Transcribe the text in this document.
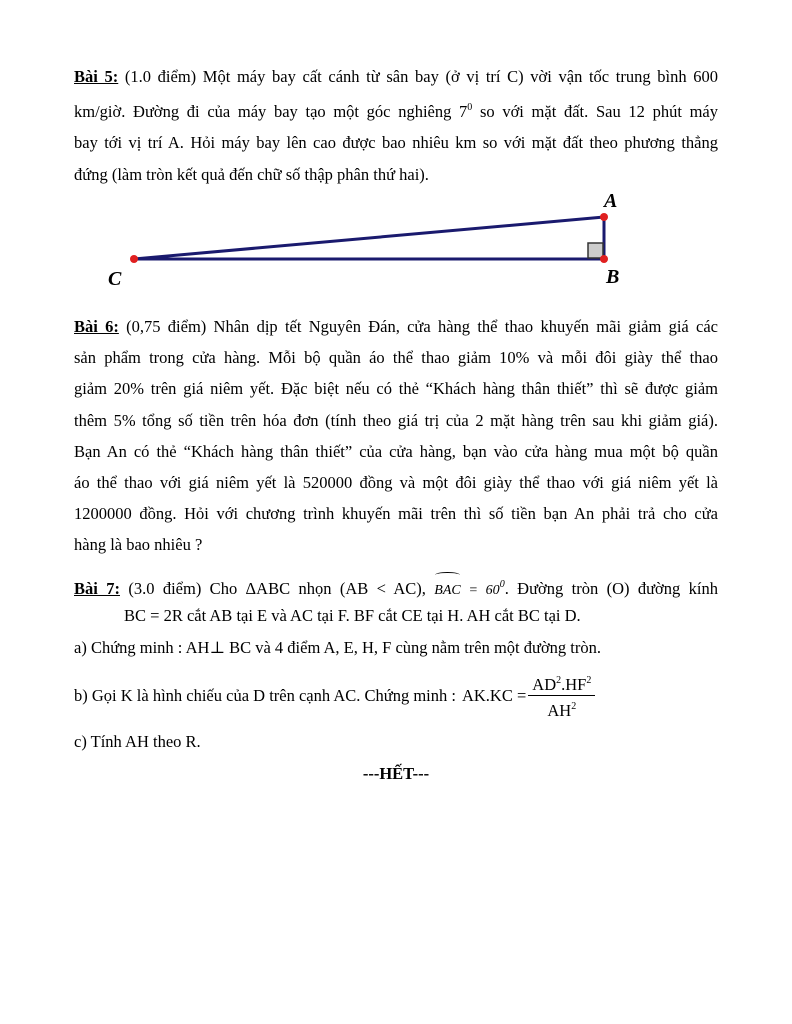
Bài 5: (1.0 điểm) Một máy bay cất cánh từ sân bay (ở vị trí C) vời vận tốc trung bình 600
km/giờ. Đường đi của máy bay tạo một góc nghiêng $7^0$ so với mặt đất. Sau 12 phút máy
bay tới vị trí A. Hỏi máy bay lên cao được bao nhiêu km so với mặt đất theo phương thẳng
đứng (làm tròn kết quả đến chữ số thập phân thứ hai).
A
B
C
Bài 6: (0,75 điểm) Nhân dịp tết Nguyên Đán, cửa hàng thể thao khuyến mãi giảm giá các
sản phẩm trong cửa hàng. Mỗi bộ quần áo thể thao giảm 10% và mỗi đôi giày thể thao
giảm 20% trên giá niêm yết. Đặc biệt nếu có thẻ “Khách hàng thân thiết” thì sẽ được giảm
thêm 5% tổng số tiền trên hóa đơn (tính theo giá trị của 2 mặt hàng trên sau khi giảm giá).
Bạn An có thẻ “Khách hàng thân thiết” của cửa hàng, bạn vào cửa hàng mua một bộ quần
áo thể thao với giá niêm yết là 520000 đồng và một đôi giày thể thao với giá niêm yết là
1200000 đồng. Hỏi với chương trình khuyến mãi trên thì số tiền bạn An phải trả cho cửa
hàng là bao nhiêu ?
Bài 7: (3.0 điểm) Cho ΔABC nhọn (AB < AC),
BAC = $60^0$. Đường tròn (O) đường kính
BC = 2R cắt AB tại E và AC tại F. BF cắt CE tại H. AH cắt BC tại D.
a) Chứng minh : AH⊥ BC và 4 điểm A, E, H, F cùng nằm trên một đường tròn.
b) Gọi K là hình chiếu của D trên cạnh AC. Chứng minh : $AK.KC = \frac{AD^2.HF^2}{AH^2}$
c) Tính AH theo R.
---HẾT---
